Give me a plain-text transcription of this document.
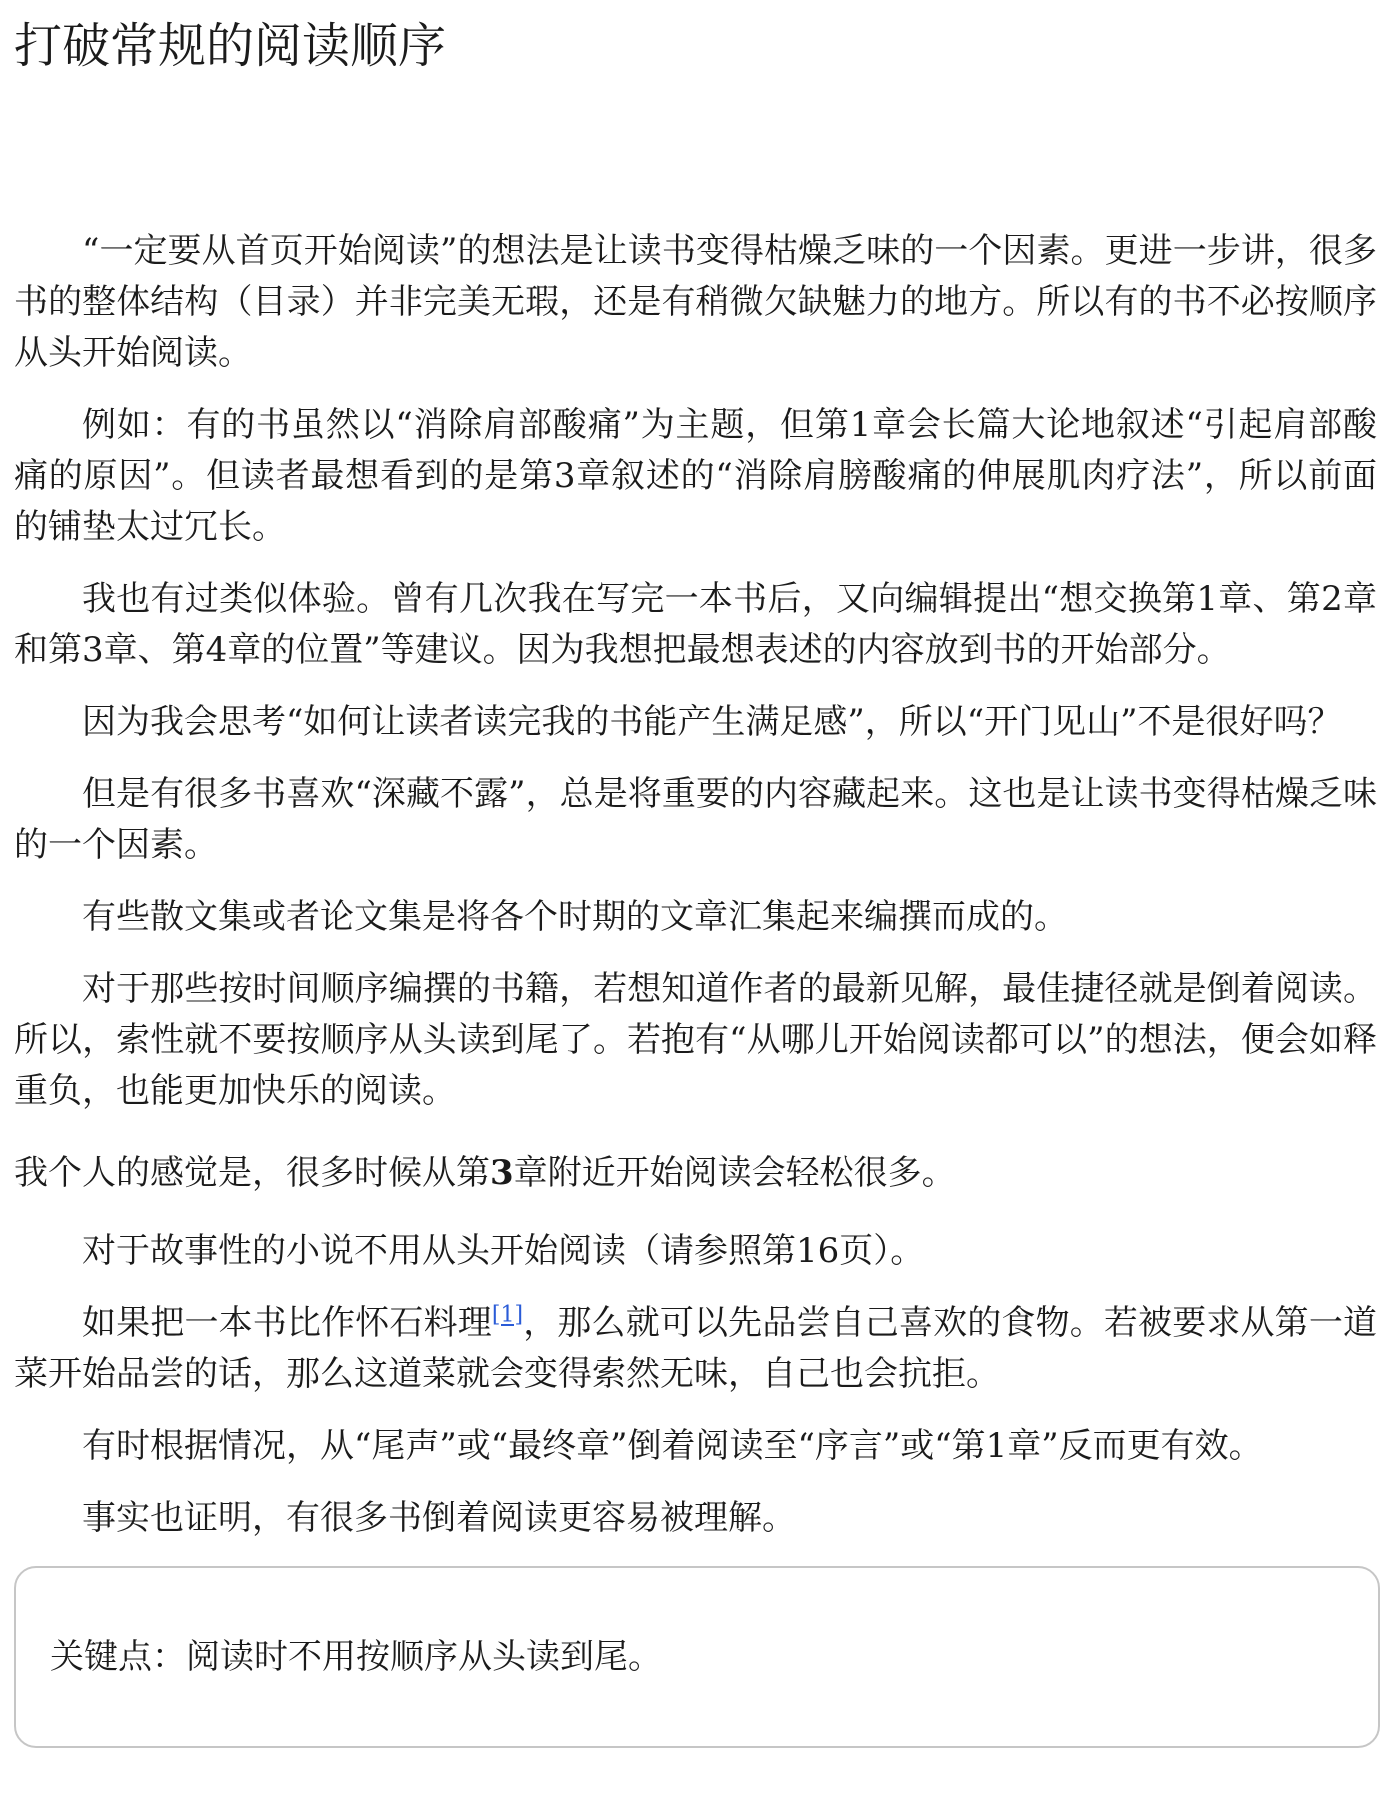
打破常规的阅读顺序

“一定要从首页开始阅读”的想法是让读书变得枯燥乏味的一个因素。更进一步讲，很多书的整体结构（目录）并非完美无瑕，还是有稍微欠缺魅力的地方。所以有的书不必按顺序从头开始阅读。

例如：有的书虽然以“消除肩部酸痛”为主题，但第1章会长篇大论地叙述“引起肩部酸痛的原因”。但读者最想看到的是第3章叙述的“消除肩膀酸痛的伸展肌肉疗法”，所以前面的铺垫太过冗长。

我也有过类似体验。曾有几次我在写完一本书后，又向编辑提出“想交换第1章、第2章和第3章、第4章的位置”等建议。因为我想把最想表述的内容放到书的开始部分。

因为我会思考“如何让读者读完我的书能产生满足感”，所以“开门见山”不是很好吗？

但是有很多书喜欢“深藏不露”，总是将重要的内容藏起来。这也是让读书变得枯燥乏味的一个因素。

有些散文集或者论文集是将各个时期的文章汇集起来编撰而成的。

对于那些按时间顺序编撰的书籍，若想知道作者的最新见解，最佳捷径就是倒着阅读。所以，索性就不要按顺序从头读到尾了。若抱有“从哪儿开始阅读都可以”的想法，便会如释重负，也能更加快乐的阅读。

我个人的感觉是，很多时候从第3章附近开始阅读会轻松很多。

对于故事性的小说不用从头开始阅读（请参照第16页）。

如果把一本书比作怀石料理[1]，那么就可以先品尝自己喜欢的食物。若被要求从第一道菜开始品尝的话，那么这道菜就会变得索然无味，自己也会抗拒。

有时根据情况，从“尾声”或“最终章”倒着阅读至“序言”或“第1章”反而更有效。

事实也证明，有很多书倒着阅读更容易被理解。

关键点：阅读时不用按顺序从头读到尾。
